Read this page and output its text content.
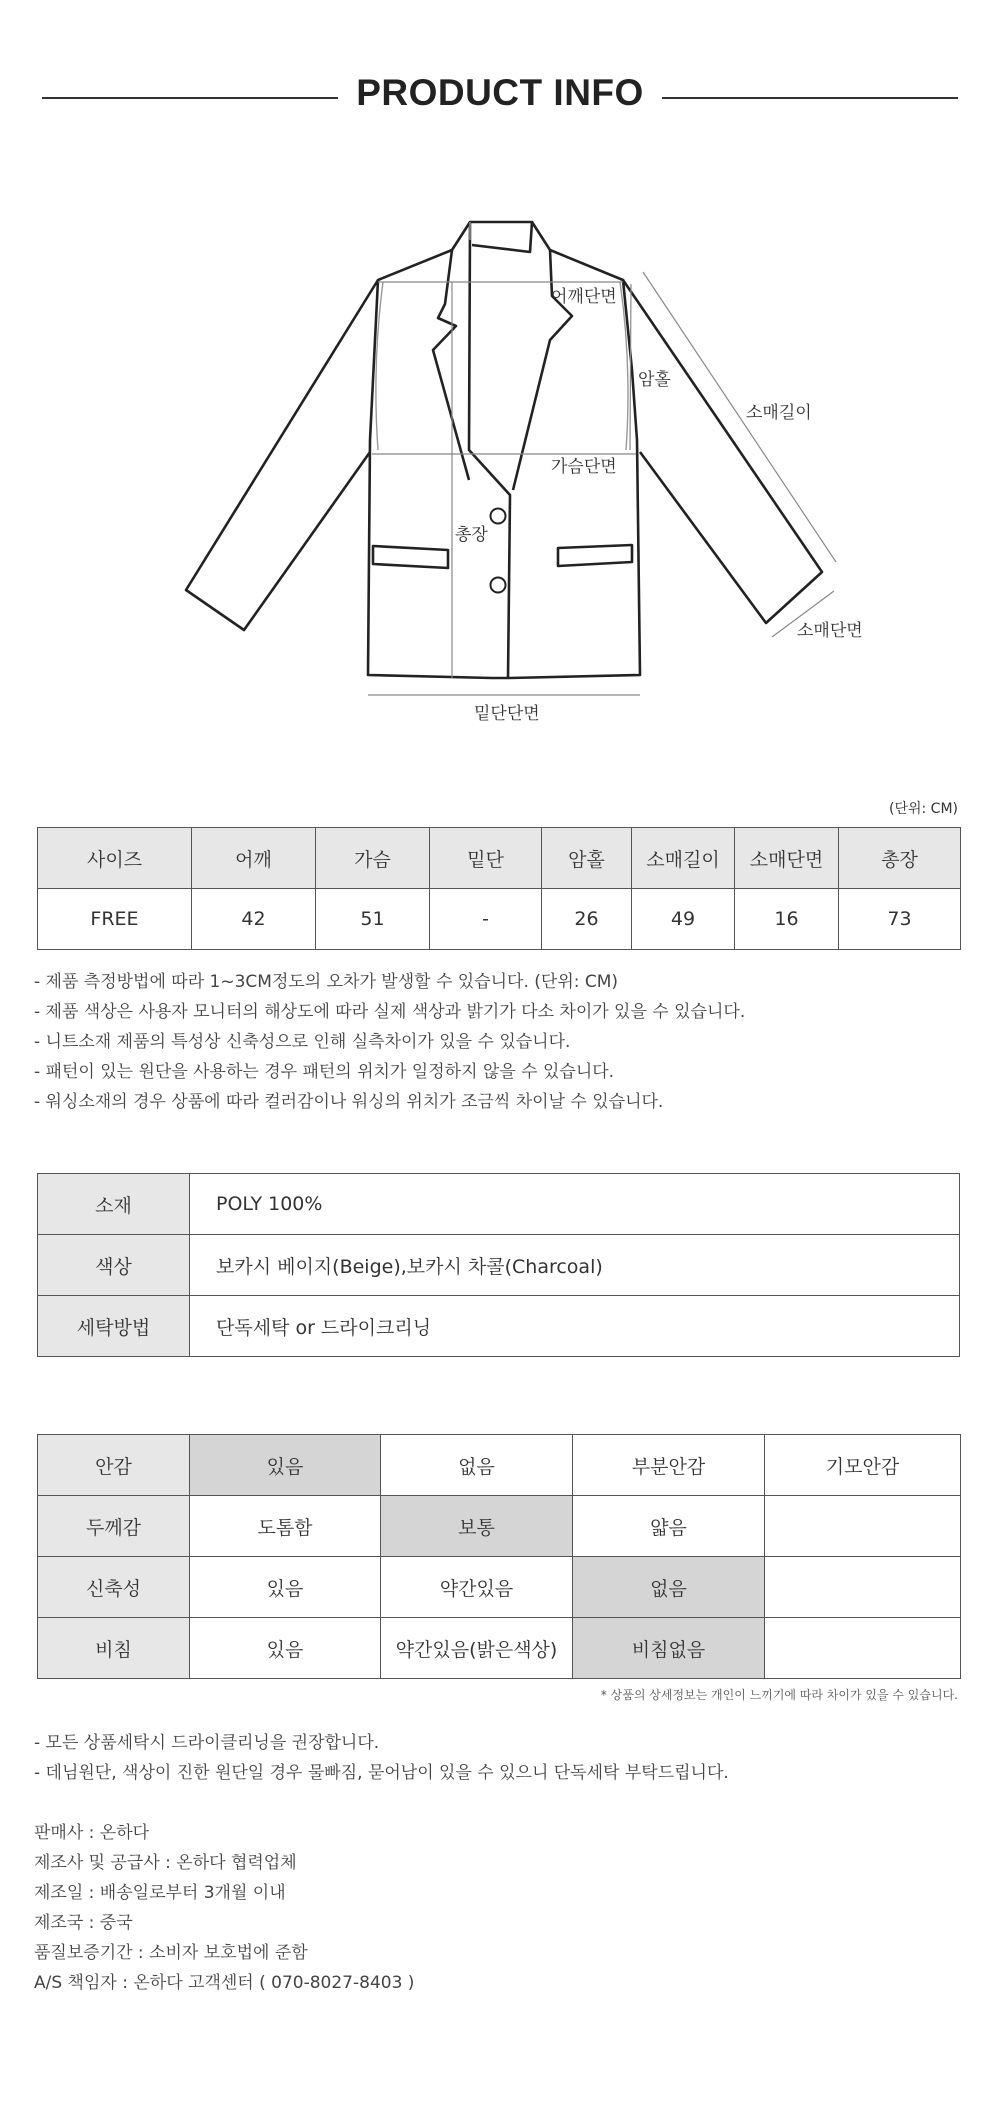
PRODUCT INFO
어깨단면
암홀
소매길이
가슴단면
총장
소매단면
밑단단면
(단위: CM)
사이즈	어깨	가슴	밑단	암홀	소매길이	소매단면	총장
FREE	42	51	-	26	49	16	73
- 제품 측정방법에 따라 1~3CM정도의 오차가 발생할 수 있습니다. (단위: CM)
- 제품 색상은 사용자 모니터의 해상도에 따라 실제 색상과 밝기가 다소 차이가 있을 수 있습니다.
- 니트소재 제품의 특성상 신축성으로 인해 실측차이가 있을 수 있습니다.
- 패턴이 있는 원단을 사용하는 경우 패턴의 위치가 일정하지 않을 수 있습니다.
- 워싱소재의 경우 상품에 따라 컬러감이나 워싱의 위치가 조금씩 차이날 수 있습니다.
소재	POLY 100%
색상	보카시 베이지(Beige),보카시 차콜(Charcoal)
세탁방법	단독세탁 or 드라이크리닝
안감	있음	없음	부분안감	기모안감
두께감	도톰함	보통	얇음	
신축성	있음	약간있음	없음	
비침	있음	약간있음(밝은색상)	비침없음	
* 상품의 상세정보는 개인이 느끼기에 따라 차이가 있을 수 있습니다.
- 모든 상품세탁시 드라이클리닝을 권장합니다.
- 데님원단, 색상이 진한 원단일 경우 물빠짐, 묻어남이 있을 수 있으니 단독세탁 부탁드립니다.
판매사 : 온하다
제조사 및 공급사 : 온하다 협력업체
제조일 : 배송일로부터 3개월 이내
제조국 : 중국
품질보증기간 : 소비자 보호법에 준함
A/S 책임자 : 온하다 고객센터 ( 070-8027-8403 )
